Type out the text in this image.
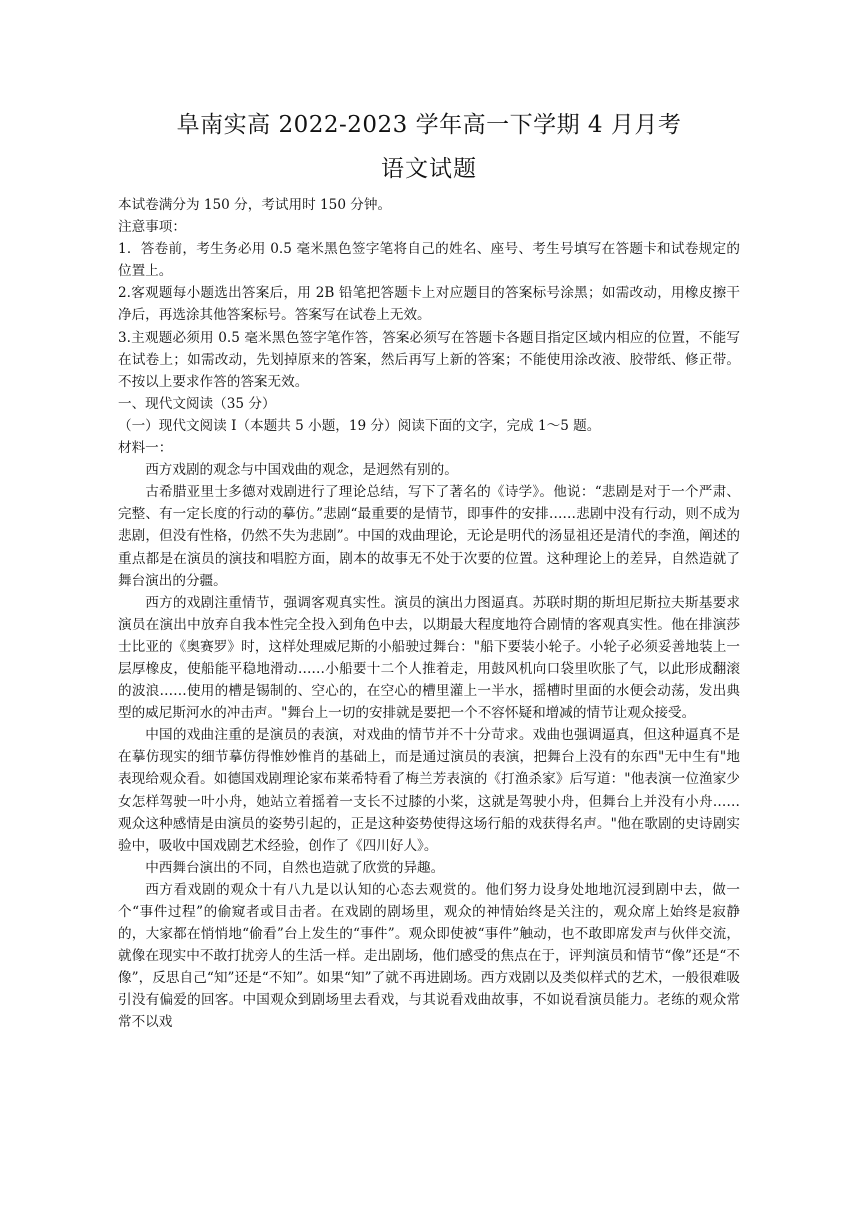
阜南实高 2022-2023 学年高一下学期 4 月月考
语文试题

本试卷满分为 150 分，考试用时 150 分钟。

注意事项：

1．答卷前，考生务必用 0.5 毫米黑色签字笔将自己的姓名、座号、考生号填写在答题卡和试卷规定的位置上。

2.客观题每小题选出答案后，用 2B 铅笔把答题卡上对应题目的答案标号涂黑；如需改动，用橡皮擦干净后，再选涂其他答案标号。答案写在试卷上无效。

3.主观题必须用 0.5 毫米黑色签字笔作答，答案必须写在答题卡各题目指定区域内相应的位置，不能写在试卷上；如需改动，先划掉原来的答案，然后再写上新的答案；不能使用涂改液、胶带纸、修正带。不按以上要求作答的答案无效。

一、现代文阅读（35 分）

（一）现代文阅读 I（本题共 5 小题，19 分）阅读下面的文字，完成 1～5 题。

材料一：

西方戏剧的观念与中国戏曲的观念，是迥然有别的。

古希腊亚里士多德对戏剧进行了理论总结，写下了著名的《诗学》。他说：“悲剧是对于一个严肃、完整、有一定长度的行动的摹仿。”悲剧“最重要的是情节，即事件的安排……悲剧中没有行动，则不成为悲剧，但没有性格，仍然不失为悲剧”。中国的戏曲理论，无论是明代的汤显祖还是清代的李渔，阐述的重点都是在演员的演技和唱腔方面，剧本的故事无不处于次要的位置。这种理论上的差异，自然造就了舞台演出的分疆。

西方的戏剧注重情节，强调客观真实性。演员的演出力图逼真。苏联时期的斯坦尼斯拉夫斯基要求演员在演出中放弃自我本性完全投入到角色中去，以期最大程度地符合剧情的客观真实性。他在排演莎士比亚的《奥赛罗》时，这样处理威尼斯的小船驶过舞台："船下要装小轮子。小轮子必须妥善地装上一层厚橡皮，使船能平稳地滑动……小船要十二个人推着走，用鼓风机向口袋里吹胀了气，以此形成翻滚的波浪……使用的槽是锡制的、空心的，在空心的槽里灌上一半水，摇槽时里面的水便会动荡，发出典型的威尼斯河水的冲击声。"舞台上一切的安排就是要把一个不容怀疑和增减的情节让观众接受。

中国的戏曲注重的是演员的表演，对戏曲的情节并不十分苛求。戏曲也强调逼真，但这种逼真不是在摹仿现实的细节摹仿得惟妙惟肖的基础上，而是通过演员的表演，把舞台上没有的东西"无中生有"地表现给观众看。如德国戏剧理论家布莱希特看了梅兰芳表演的《打渔杀家》后写道："他表演一位渔家少女怎样驾驶一叶小舟，她站立着摇着一支长不过膝的小桨，这就是驾驶小舟，但舞台上并没有小舟……观众这种感情是由演员的姿势引起的，正是这种姿势使得这场行船的戏获得名声。"他在歌剧的史诗剧实验中，吸收中国戏剧艺术经验，创作了《四川好人》。

中西舞台演出的不同，自然也造就了欣赏的异趣。

西方看戏剧的观众十有八九是以认知的心态去观赏的。他们努力设身处地地沉浸到剧中去，做一个“事件过程”的偷窥者或目击者。在戏剧的剧场里，观众的神情始终是关注的，观众席上始终是寂静的，大家都在悄悄地“偷看”台上发生的“事件”。观众即使被“事件”触动，也不敢即席发声与伙伴交流，就像在现实中不敢打扰旁人的生活一样。走出剧场，他们感受的焦点在于，评判演员和情节“像”还是“不像”，反思自己“知”还是“不知”。如果“知”了就不再进剧场。西方戏剧以及类似样式的艺术，一般很难吸引没有偏爱的回客。中国观众到剧场里去看戏，与其说看戏曲故事，不如说看演员能力。老练的观众常常不以戏
